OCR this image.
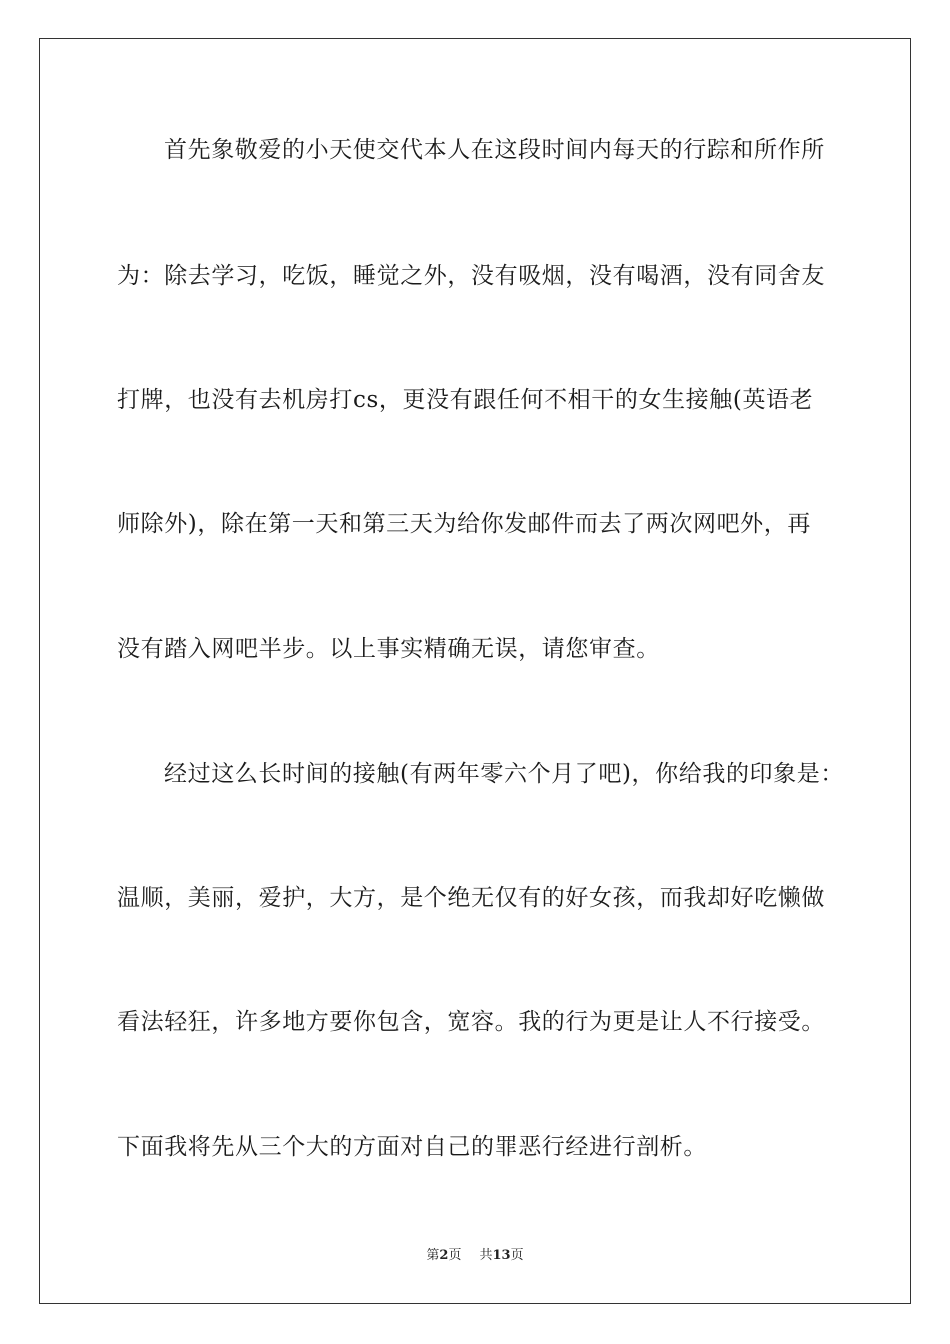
首先象敬爱的小天使交代本人在这段时间内每天的行踪和所作所
为：除去学习，吃饭，睡觉之外，没有吸烟，没有喝酒，没有同舍友
打牌，也没有去机房打cs，更没有跟任何不相干的女生接触(英语老
师除外)，除在第一天和第三天为给你发邮件而去了两次网吧外，再
没有踏入网吧半步。以上事实精确无误，请您审查。
经过这么长时间的接触(有两年零六个月了吧)，你给我的印象是：
温顺，美丽，爱护，大方，是个绝无仅有的好女孩，而我却好吃懒做
看法轻狂，许多地方要你包含，宽容。我的行为更是让人不行接受。
下面我将先从三个大的方面对自己的罪恶行经进行剖析。
第2页 共13页
